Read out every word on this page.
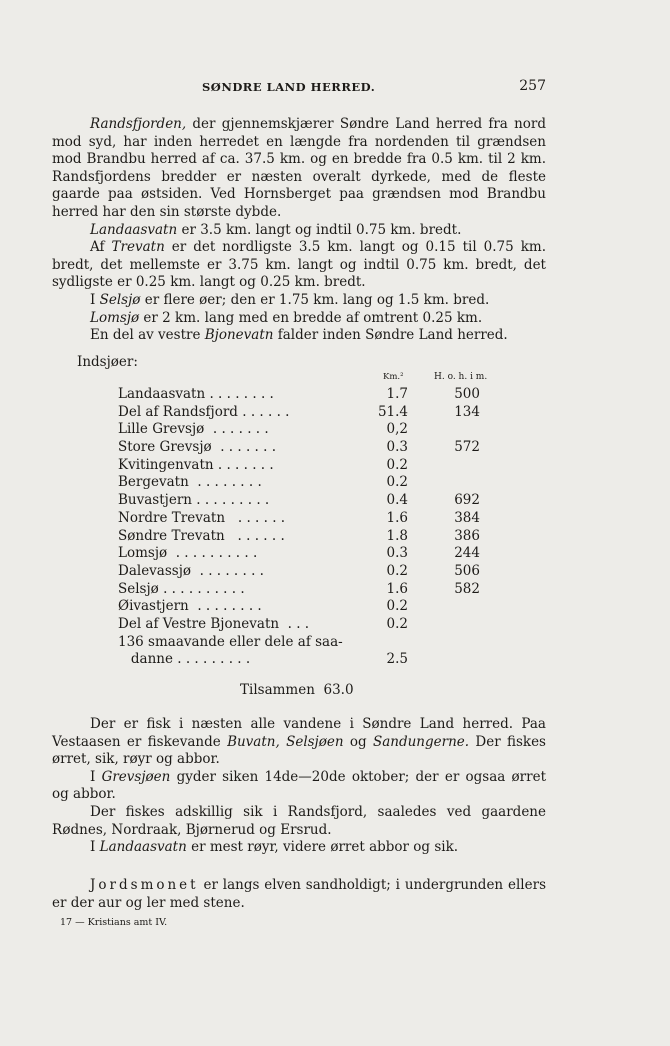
SØNDRE LAND HERRED.	257

Randsfjorden, der gjennemskjærer Søndre Land herred fra nord mod syd, har inden herredet en længde fra nordenden til grændsen mod Brandbu herred af ca. 37.5 km. og en bredde fra 0.5 km. til 2 km. Randsfjordens bredder er næsten overalt dyrkede, med de fleste gaarde paa østsiden. Ved Hornsberget paa grændsen mod Brandbu herred har den sin største dybde.

Landaasvatn er 3.5 km. langt og indtil 0.75 km. bredt.

Af Trevatn er det nordligste 3.5 km. langt og 0.15 til 0.75 km. bredt, det mellemste er 3.75 km. langt og indtil 0.75 km. bredt, det sydligste er 0.25 km. langt og 0.25 km. bredt.

I Selsjø er flere øer; den er 1.75 km. lang og 1.5 km. bred.

Lomsjø er 2 km. lang med en bredde af omtrent 0.25 km.

En del av vestre Bjonevatn falder inden Søndre Land herred.

Indsjøer:
Km.²	H. o. h. i m.
Landaasvatn . . . . . . . .	1.7	500
Del af Randsfjord . . . . . .	51.4	134
Lille Grevsjø  . . . . . . .	0,2
Store Grevsjø  . . . . . . .	0.3	572
Kvitingenvatn . . . . . . .	0.2
Bergevatn  . . . . . . . .	0.2
Buvastjern . . . . . . . . .	0.4	692
Nordre Trevatn   . . . . . .	1.6	384
Søndre Trevatn   . . . . . .	1.8	386
Lomsjø  . . . . . . . . . .	0.3	244
Dalevassjø  . . . . . . . .	0.2	506
Selsjø . . . . . . . . . .	1.6	582
Øivastjern  . . . . . . . .	0.2
Del af Vestre Bjonevatn  . . .	0.2
136 smaavande eller dele af saa-
danne . . . . . . . . .	2.5
Tilsammen 63.0

Der er fisk i næsten alle vandene i Søndre Land herred. Paa Vestaasen er fiskevande Buvatn, Selsjøen og Sandungerne. Der fiskes ørret, sik, røyr og abbor.

I Grevsjøen gyder siken 14de—20de oktober; der er ogsaa ørret og abbor.

Der fiskes adskillig sik i Randsfjord, saaledes ved gaardene Rødnes, Nordraak, Bjørnerud og Ersrud.

I Landaasvatn er mest røyr, videre ørret abbor og sik.

Jordsmonet er langs elven sandholdigt; i undergrunden ellers er der aur og ler med stene.

17 — Kristians amt IV.
